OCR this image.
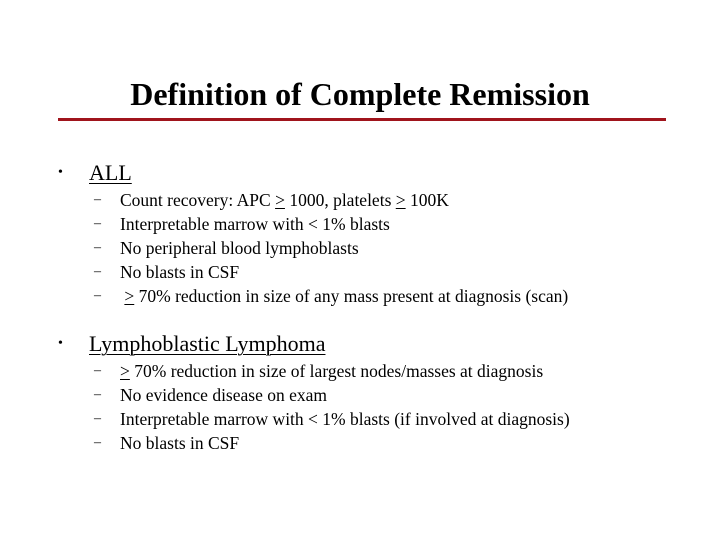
Definition of Complete Remission
•	ALL
–	Count recovery: APC > 1000, platelets > 100K
–	Interpretable marrow with < 1% blasts
–	No peripheral blood lymphoblasts
–	No blasts in CSF
–	> 70% reduction in size of any mass present at diagnosis (scan)
•	Lymphoblastic Lymphoma
–	> 70% reduction in size of largest nodes/masses at diagnosis
–	No evidence disease on exam
–	Interpretable marrow with < 1% blasts (if involved at diagnosis)
–	No blasts in CSF
